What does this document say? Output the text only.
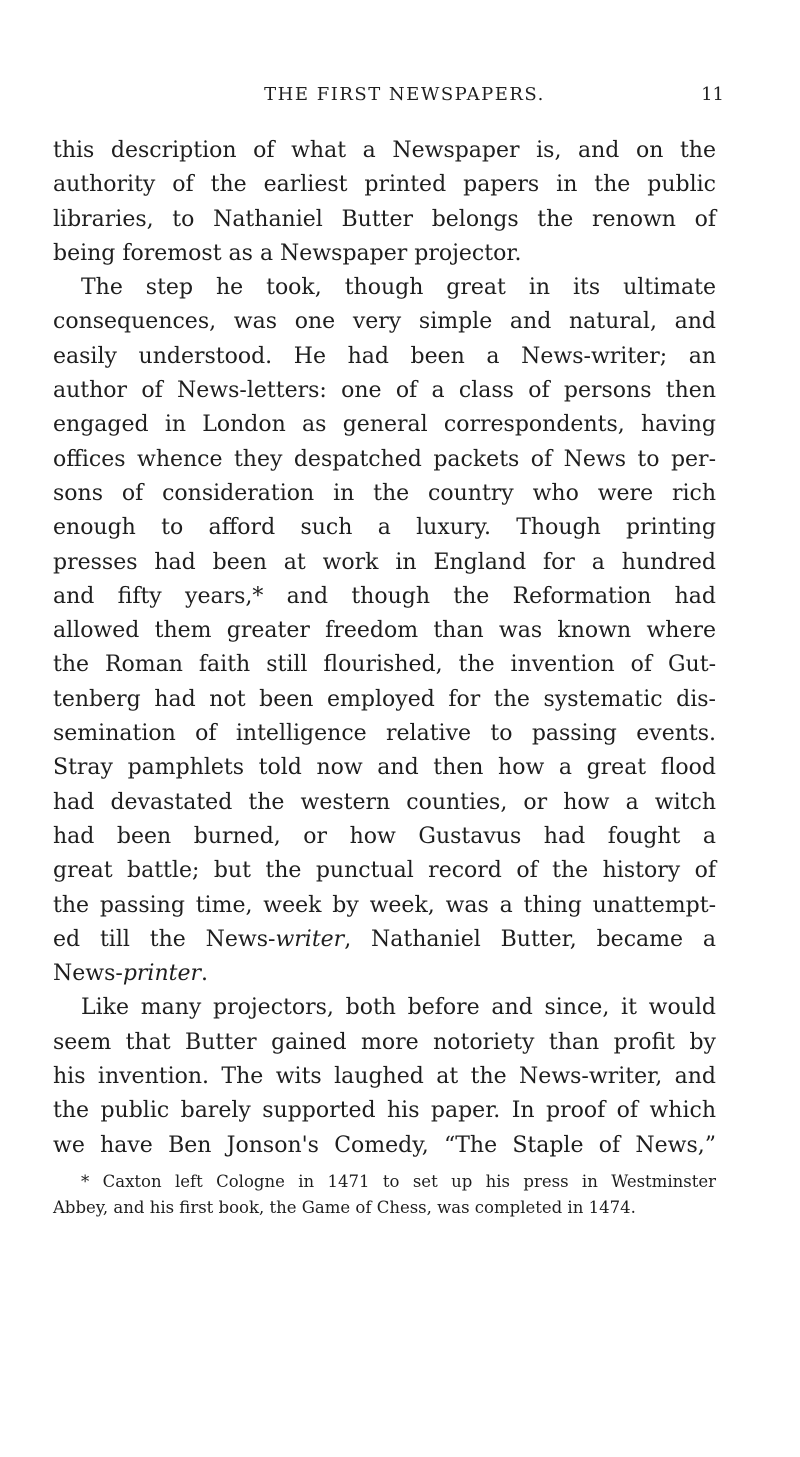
THE FIRST NEWSPAPERS.	11

this description of what a Newspaper is, and on the
authority of the earliest printed papers in the public
libraries, to Nathaniel Butter belongs the renown of
being foremost as a Newspaper projector.

The step he took, though great in its ultimate
consequences, was one very simple and natural, and
easily understood. He had been a News-writer; an
author of News-letters: one of a class of persons then
engaged in London as general correspondents, having
offices whence they despatched packets of News to per-
sons of consideration in the country who were rich
enough to afford such a luxury. Though printing
presses had been at work in England for a hundred
and fifty years,* and though the Reformation had
allowed them greater freedom than was known where
the Roman faith still flourished, the invention of Gut-
tenberg had not been employed for the systematic dis-
semination of intelligence relative to passing events.
Stray pamphlets told now and then how a great flood
had devastated the western counties, or how a witch
had been burned, or how Gustavus had fought a
great battle; but the punctual record of the history of
the passing time, week by week, was a thing unattempt-
ed till the News-writer, Nathaniel Butter, became a
News-printer.

Like many projectors, both before and since, it would
seem that Butter gained more notoriety than profit by
his invention. The wits laughed at the News-writer, and
the public barely supported his paper. In proof of which
we have Ben Jonson's Comedy, “The Staple of News,”

* Caxton left Cologne in 1471 to set up his press in Westminster
Abbey, and his first book, the Game of Chess, was completed in 1474.
